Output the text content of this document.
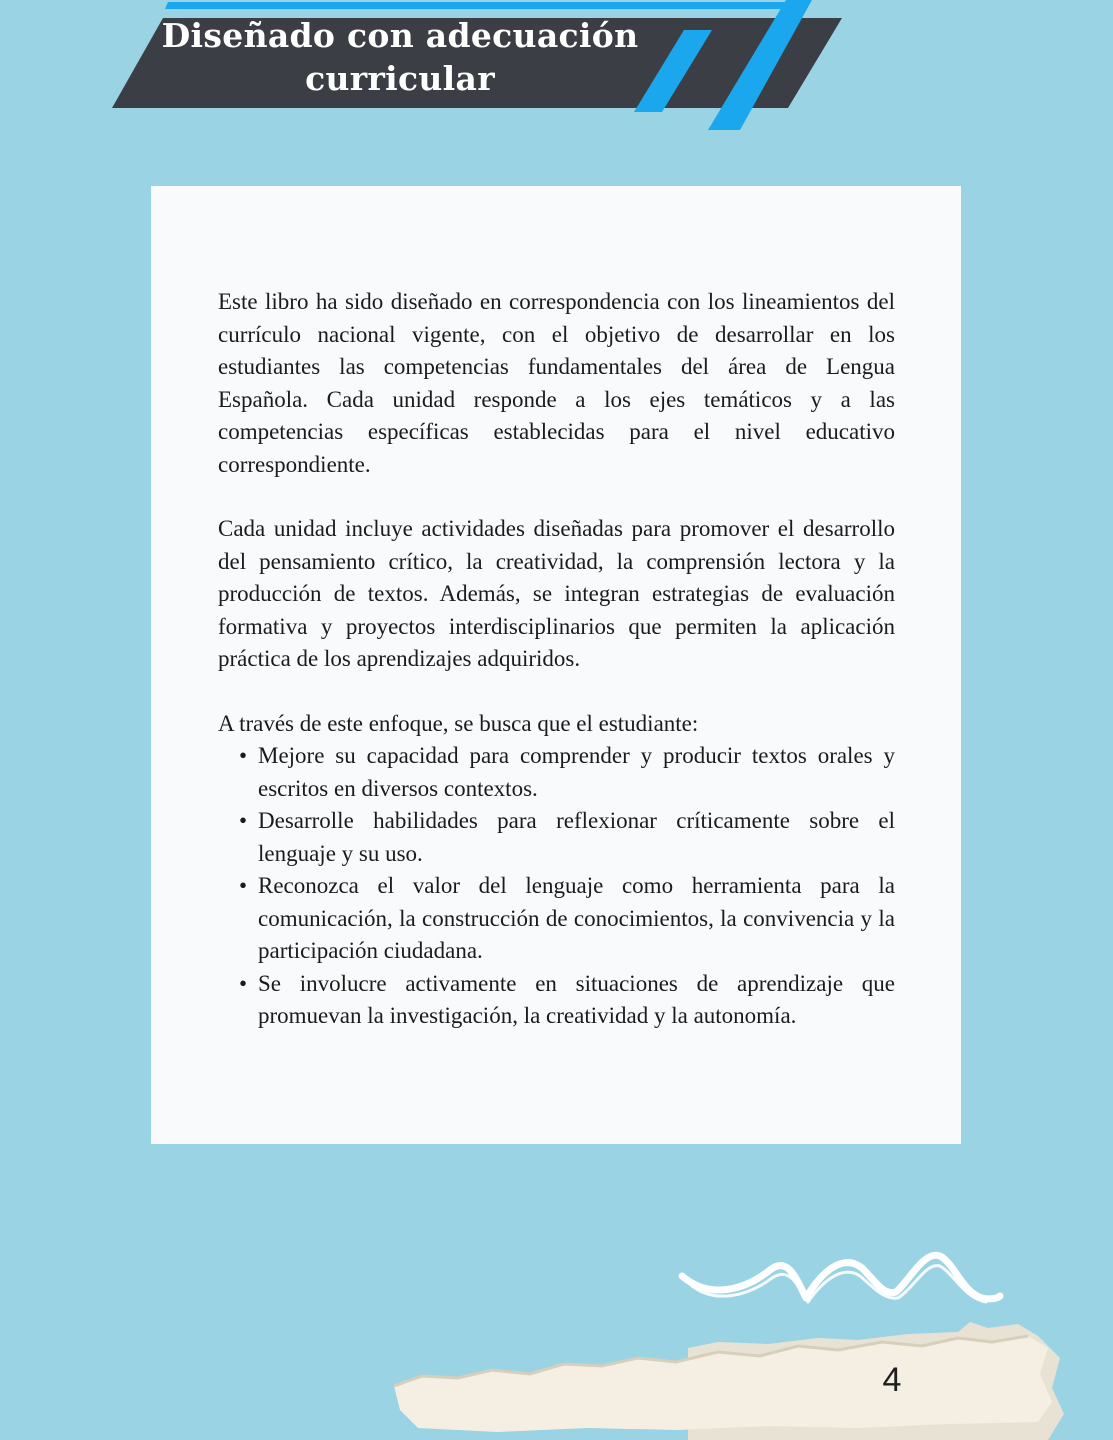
Diseñado con adecuación
curricular

Este libro ha sido diseñado en correspondencia con los lineamientos del currículo nacional vigente, con el objetivo de desarrollar en los estudiantes las competencias fundamentales del área de Lengua Española. Cada unidad responde a los ejes temáticos y a las competencias específicas establecidas para el nivel educativo correspondiente.

Cada unidad incluye actividades diseñadas para promover el desarrollo del pensamiento crítico, la creatividad, la comprensión lectora y la producción de textos. Además, se integran estrategias de evaluación formativa y proyectos interdisciplinarios que permiten la aplicación práctica de los aprendizajes adquiridos.

A través de este enfoque, se busca que el estudiante:

• Mejore su capacidad para comprender y producir textos orales y escritos en diversos contextos.
• Desarrolle habilidades para reflexionar críticamente sobre el lenguaje y su uso.
• Reconozca el valor del lenguaje como herramienta para la comunicación, la construcción de conocimientos, la convivencia y la participación ciudadana.
• Se involucre activamente en situaciones de aprendizaje que promuevan la investigación, la creatividad y la autonomía.
4
